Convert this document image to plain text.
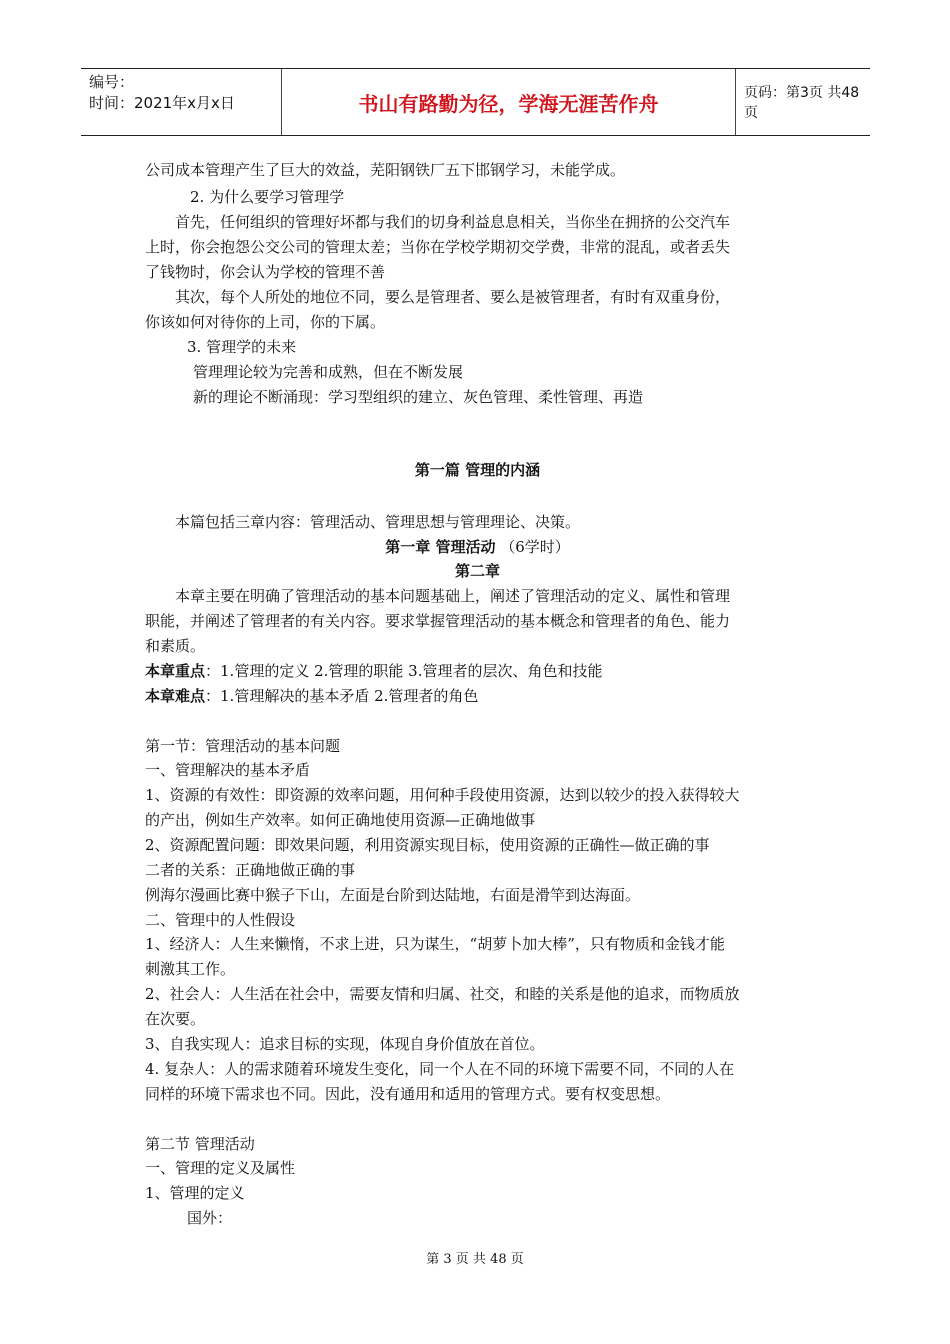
编号：
时间：2021年x月x日	书山有路勤为径，学海无涯苦作舟	页码：第3页 共48页
公司成本管理产生了巨大的效益，芜阳钢铁厂五下邯钢学习，未能学成。
2. 为什么要学习管理学
首先，任何组织的管理好坏都与我们的切身利益息息相关，当你坐在拥挤的公交汽车
上时，你会抱怨公交公司的管理太差；当你在学校学期初交学费，非常的混乱，或者丢失
了钱物时，你会认为学校的管理不善
其次，每个人所处的地位不同，要么是管理者、要么是被管理者，有时有双重身份，
你该如何对待你的上司，你的下属。
3. 管理学的未来
管理理论较为完善和成熟，但在不断发展
新的理论不断涌现：学习型组织的建立、灰色管理、柔性管理、再造
第一篇 管理的内涵
本篇包括三章内容：管理活动、管理思想与管理理论、决策。
第一章 管理活动 （6学时）
第二章
本章主要在明确了管理活动的基本问题基础上，阐述了管理活动的定义、属性和管理
职能，并阐述了管理者的有关内容。要求掌握管理活动的基本概念和管理者的角色、能力
和素质。
本章重点：1.管理的定义 2.管理的职能 3.管理者的层次、角色和技能
本章难点：1.管理解决的基本矛盾 2.管理者的角色
第一节：管理活动的基本问题
一、管理解决的基本矛盾
1、资源的有效性：即资源的效率问题，用何种手段使用资源，达到以较少的投入获得较大
的产出，例如生产效率。如何正确地使用资源—正确地做事
2、资源配置问题：即效果问题，利用资源实现目标，使用资源的正确性—做正确的事
二者的关系：正确地做正确的事
例海尔漫画比赛中猴子下山，左面是台阶到达陆地，右面是滑竿到达海面。
二、管理中的人性假设
1、经济人：人生来懒惰，不求上进，只为谋生，“胡萝卜加大棒”，只有物质和金钱才能
刺激其工作。
2、社会人：人生活在社会中，需要友情和归属、社交，和睦的关系是他的追求，而物质放
在次要。
3、自我实现人：追求目标的实现，体现自身价值放在首位。
4. 复杂人：人的需求随着环境发生变化，同一个人在不同的环境下需要不同，不同的人在
同样的环境下需求也不同。因此，没有通用和适用的管理方式。要有权变思想。
第二节 管理活动
一、管理的定义及属性
1、管理的定义
国外：
第 3 页 共 48 页
